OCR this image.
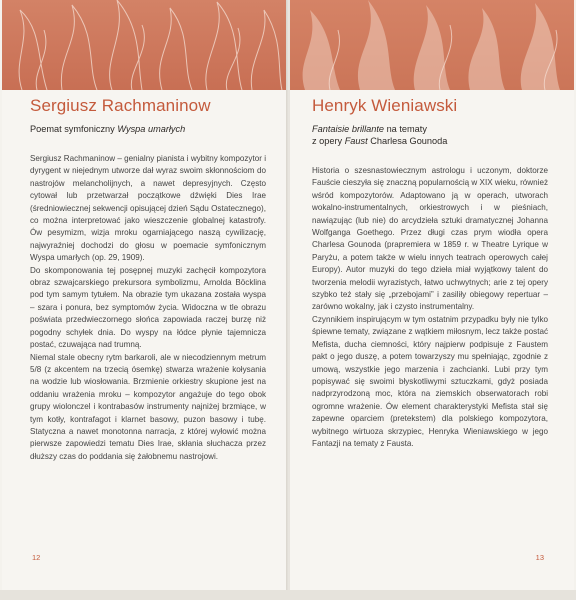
Sergiusz Rachmaninow
Poemat symfoniczny Wyspa umarłych

Sergiusz Rachmaninow – genialny pianista i wybitny kompozytor i dyrygent w niejednym utworze dał wyraz swoim skłonnościom do nastrojów melancholijnych, a nawet depresyjnych. Często cytował lub przetwarzał początkowe dźwięki Dies Irae (średniowiecznej sekwencji opisującej dzień Sądu Ostatecznego), co można interpretować jako wieszczenie globalnej katastrofy. Ów pesymizm, wizja mroku ogarniającego naszą cywilizację, najwyraźniej dochodzi do głosu w poemacie symfonicznym Wyspa umarłych (op. 29, 1909).

Do skomponowania tej posępnej muzyki zachęcił kompozytora obraz szwajcarskiego prekursora symbolizmu, Arnolda Böcklina pod tym samym tytułem. Na obrazie tym ukazana została wyspa – szara i ponura, bez symptomów życia. Widoczna w tle obrazu poświata przedwieczornego słońca zapowiada raczej burzę niż pogodny schyłek dnia. Do wyspy na łódce płynie tajemnicza postać, czuwająca nad trumną.

Niemal stale obecny rytm barkaroli, ale w niecodziennym metrum 5/8 (z akcentem na trzecią ósemkę) stwarza wrażenie kołysania na wodzie lub wiosłowania. Brzmienie orkiestry skupione jest na oddaniu wrażenia mroku – kompozytor angażuje do tego obok grupy wiolonczel i kontrabasów instrumenty najniżej brzmiące, w tym kotły, kontrafagot i klarnet basowy, puzon basowy i tubę. Statyczna a nawet monotonna narracja, z której wyłowić można pierwsze zapowiedzi tematu Dies Irae, skłania słuchacza przez dłuższy czas do poddania się żałobnemu nastrojowi.

12
Henryk Wieniawski
Fantaisie brillante na tematy
z opery Faust Charlesa Gounoda

Historia o szesnastowiecznym astrologu i uczonym, doktorze Fauście cieszyła się znaczną popularnością w XIX wieku, również wśród kompozytorów. Adaptowano ją w operach, utworach wokalno-instrumentalnych, orkiestrowych i w pieśniach, nawiązując (lub nie) do arcydzieła sztuki dramatycznej Johanna Wolfganga Goethego. Przez długi czas prym wiodła opera Charlesa Gounoda (prapremiera w 1859 r. w Theatre Lyrique w Paryżu, a potem także w wielu innych teatrach operowych całej Europy). Autor muzyki do tego dzieła miał wyjątkowy talent do tworzenia melodii wyrazistych, łatwo uchwytnych; arie z tej opery szybko też stały się „przebojami” i zasiliły obiegowy repertuar – zarówno wokalny, jak i czysto instrumentalny.

Czynnikiem inspirującym w tym ostatnim przypadku były nie tylko śpiewne tematy, związane z wątkiem miłosnym, lecz także postać Mefista, ducha ciemności, który najpierw podpisuje z Faustem pakt o jego duszę, a potem towarzyszy mu spełniając, zgodnie z umową, wszystkie jego marzenia i zachcianki. Lubi przy tym popisywać się swoimi błyskotliwymi sztuczkami, gdyż posiada nadprzyrodzoną moc, która na ziemskich obserwatorach robi ogromne wrażenie. Ów element charakterystyki Mefista stał się zapewne oparciem (pretekstem) dla polskiego kompozytora, wybitnego wirtuoza skrzypiec, Henryka Wieniawskiego w jego Fantazji na tematy z Fausta.

13
